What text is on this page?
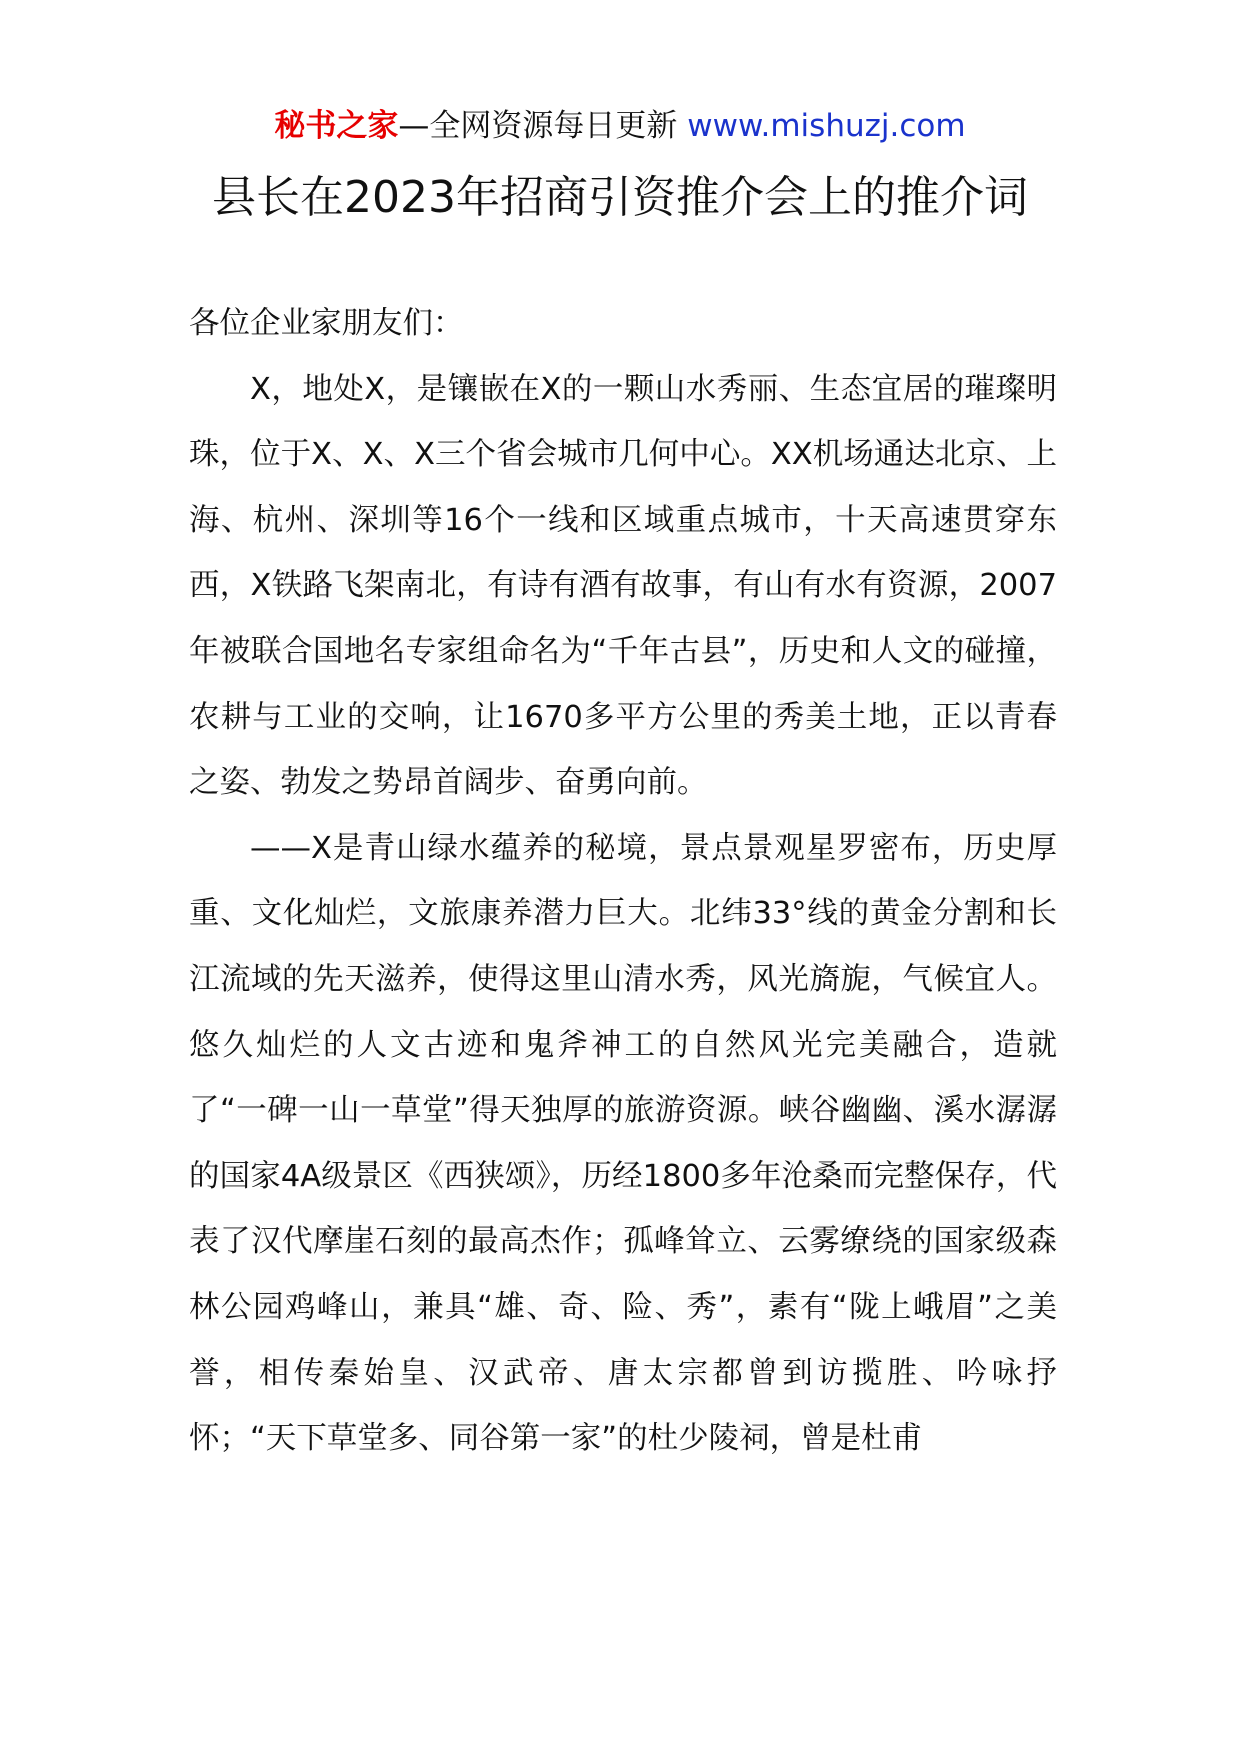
秘书之家—全网资源每日更新 www.mishuzj.com
县长在2023年招商引资推介会上的推介词

各位企业家朋友们：

X，地处X，是镶嵌在X的一颗山水秀丽、生态宜居的璀璨明珠，位于X、X、X三个省会城市几何中心。XX机场通达北京、上海、杭州、深圳等16个一线和区域重点城市，十天高速贯穿东西，X铁路飞架南北，有诗有酒有故事，有山有水有资源，2007年被联合国地名专家组命名为“千年古县”，历史和人文的碰撞，农耕与工业的交响，让1670多平方公里的秀美土地，正以青春之姿、勃发之势昂首阔步、奋勇向前。

——X是青山绿水蕴养的秘境，景点景观星罗密布，历史厚重、文化灿烂，文旅康养潜力巨大。北纬33°线的黄金分割和长江流域的先天滋养，使得这里山清水秀，风光旖旎，气候宜人。悠久灿烂的人文古迹和鬼斧神工的自然风光完美融合，造就了“一碑一山一草堂”得天独厚的旅游资源。峡谷幽幽、溪水潺潺的国家4A级景区《西狭颂》，历经1800多年沧桑而完整保存，代表了汉代摩崖石刻的最高杰作；孤峰耸立、云雾缭绕的国家级森林公园鸡峰山，兼具“雄、奇、险、秀”，素有“陇上峨眉”之美誉，相传秦始皇、汉武帝、唐太宗都曾到访揽胜、吟咏抒怀；“天下草堂多、同谷第一家”的杜少陵祠，曾是杜甫
